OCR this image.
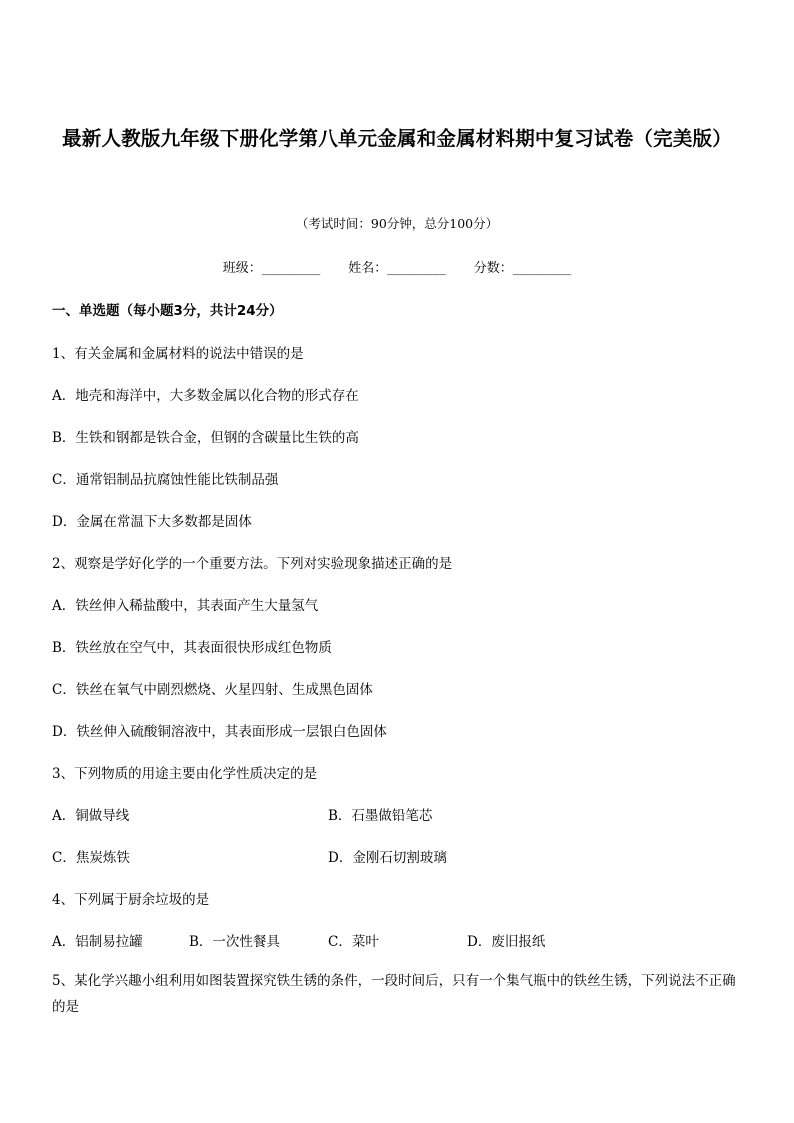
最新人教版九年级下册化学第八单元金属和金属材料期中复习试卷（完美版）
（考试时间：90分钟，总分100分）
班级：_________ 姓名：_________ 分数：_________
一、单选题（每小题3分，共计24分）
1、有关金属和金属材料的说法中错误的是
A．地壳和海洋中，大多数金属以化合物的形式存在
B．生铁和钢都是铁合金，但钢的含碳量比生铁的高
C．通常铝制品抗腐蚀性能比铁制品强
D．金属在常温下大多数都是固体
2、观察是学好化学的一个重要方法。下列对实验现象描述正确的是
A．铁丝伸入稀盐酸中，其表面产生大量氢气
B．铁丝放在空气中，其表面很快形成红色物质
C．铁丝在氧气中剧烈燃烧、火星四射、生成黑色固体
D．铁丝伸入硫酸铜溶液中，其表面形成一层银白色固体
3、下列物质的用途主要由化学性质决定的是
A．铜做导线	B．石墨做铅笔芯
C．焦炭炼铁	D．金刚石切割玻璃
4、下列属于厨余垃圾的是
A．铝制易拉罐	B．一次性餐具	C．菜叶	D．废旧报纸
5、某化学兴趣小组利用如图装置探究铁生锈的条件，一段时间后，只有一个集气瓶中的铁丝生锈，下列说法不正确的是
